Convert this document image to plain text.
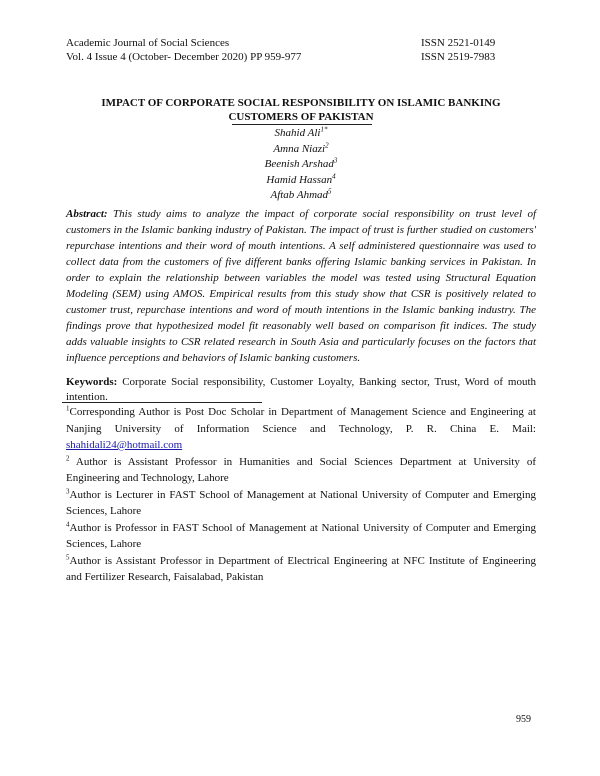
Academic Journal of Social Sciences
Vol. 4 Issue 4 (October- December 2020) PP 959-977
ISSN 2521-0149
ISSN 2519-7983
IMPACT OF CORPORATE SOCIAL RESPONSIBILITY ON ISLAMIC BANKING
CUSTOMERS OF PAKISTAN
Shahid Ali$^{1*}$
Amna Niazi$^2$
Beenish Arshad$^3$
Hamid Hassan$^4$
Aftab Ahmad$^5$
Abstract: This study aims to analyze the impact of corporate social responsibility on trust level of customers in the Islamic banking industry of Pakistan. The impact of trust is further studied on customers' repurchase intentions and their word of mouth intentions. A self administered questionnaire was used to collect data from the customers of five different banks offering Islamic banking services in Pakistan. In order to explain the relationship between variables the model was tested using Structural Equation Modeling (SEM) using AMOS. Empirical results from this study show that CSR is positively related to customer trust, repurchase intentions and word of mouth intentions in the Islamic banking industry. The findings prove that hypothesized model fit reasonably well based on comparison fit indices. The study adds valuable insights to CSR related research in South Asia and particularly focuses on the factors that influence perceptions and behaviors of Islamic banking customers.
Keywords: Corporate Social responsibility, Customer Loyalty, Banking sector, Trust, Word of mouth intention.

$^1$Corresponding Author is Post Doc Scholar in Department of Management Science and Engineering at Nanjing University of Information Science and Technology, P. R. China E. Mail: shahidali24@hotmail.com

$^2$ Author is Assistant Professor in Humanities and Social Sciences Department at University of Engineering and Technology, Lahore

$^3$Author is Lecturer in FAST School of Management at National University of Computer and Emerging Sciences, Lahore

$^4$Author is Professor in FAST School of Management at National University of Computer and Emerging Sciences, Lahore

$^5$Author is Assistant Professor in Department of Electrical Engineering at NFC Institute of Engineering and Fertilizer Research, Faisalabad, Pakistan

959
